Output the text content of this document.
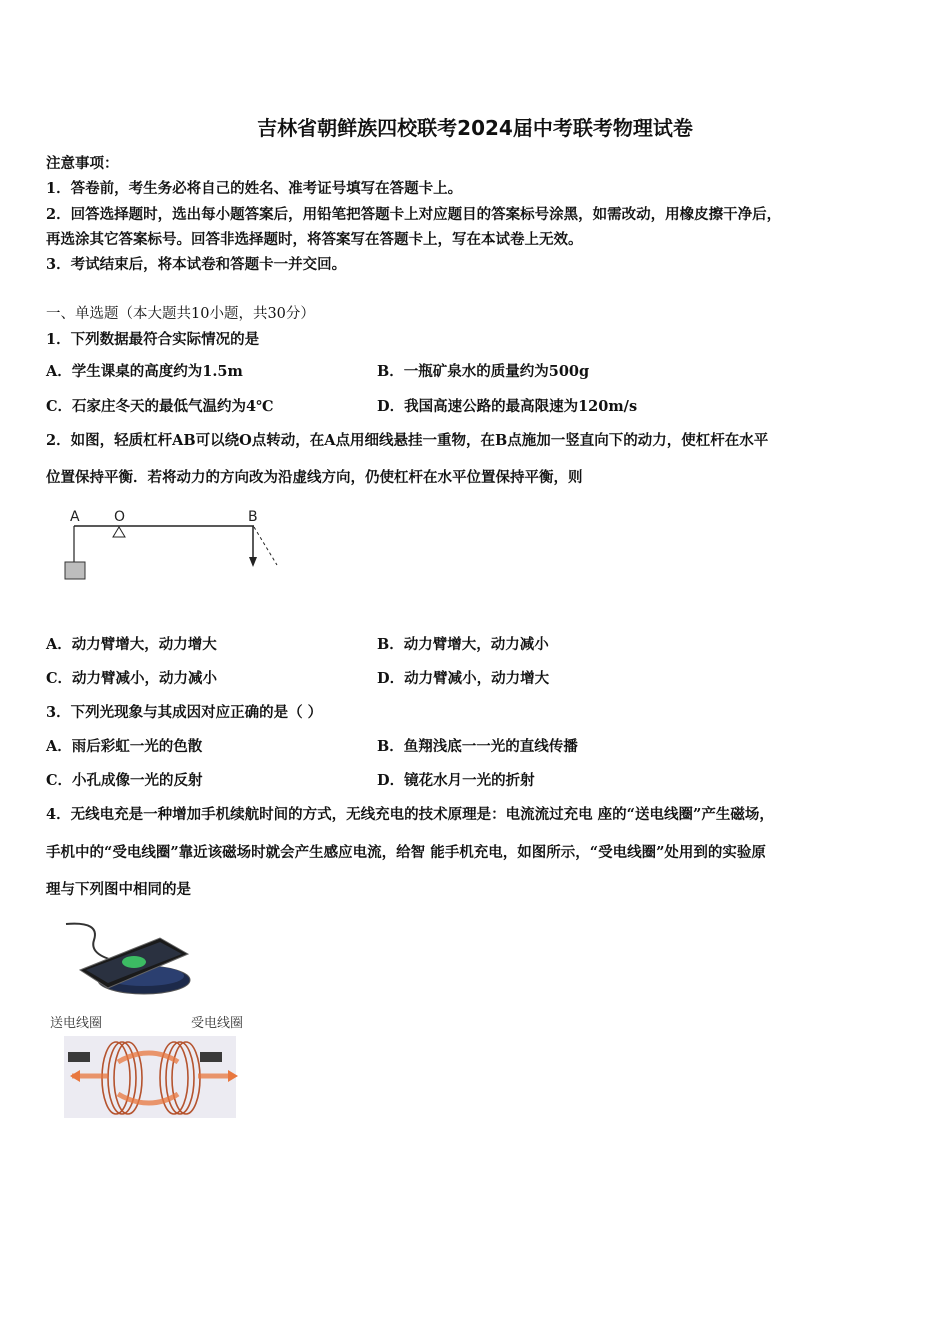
吉林省朝鲜族四校联考2024届中考联考物理试卷
注意事项：
1．答卷前，考生务必将自己的姓名、准考证号填写在答题卡上。
2．回答选择题时，选出每小题答案后，用铅笔把答题卡上对应题目的答案标号涂黑，如需改动，用橡皮擦干净后，
再选涂其它答案标号。回答非选择题时，将答案写在答题卡上，写在本试卷上无效。
3．考试结束后，将本试卷和答题卡一并交回。
一、单选题（本大题共10小题，共30分）
1．下列数据最符合实际情况的是
A．学生课桌的高度约为1.5m	B．一瓶矿泉水的质量约为500g
C．石家庄冬天的最低气温约为4℃	D．我国高速公路的最高限速为120m/s
2．如图，轻质杠杆AB可以绕O点转动，在A点用细线悬挂一重物，在B点施加一竖直向下的动力，使杠杆在水平
位置保持平衡．若将动力的方向改为沿虚线方向，仍使杠杆在水平位置保持平衡，则
A O	B
A．动力臂增大，动力增大	B．动力臂增大，动力减小
C．动力臂减小，动力减小	D．动力臂减小，动力增大
3．下列光现象与其成因对应正确的是（ ）
A．雨后彩虹一光的色散	B．鱼翔浅底一一光的直线传播
C．小孔成像一光的反射	D．镜花水月一光的折射
4．无线电充是一种增加手机续航时间的方式，无线充电的技术原理是：电流流过充电 座的“送电线圈”产生磁场，
手机中的“受电线圈”靠近该磁场时就会产生感应电流，给智 能手机充电，如图所示，“受电线圈”处用到的实验原
理与下列图中相同的是
送电线圈	受电线圈
